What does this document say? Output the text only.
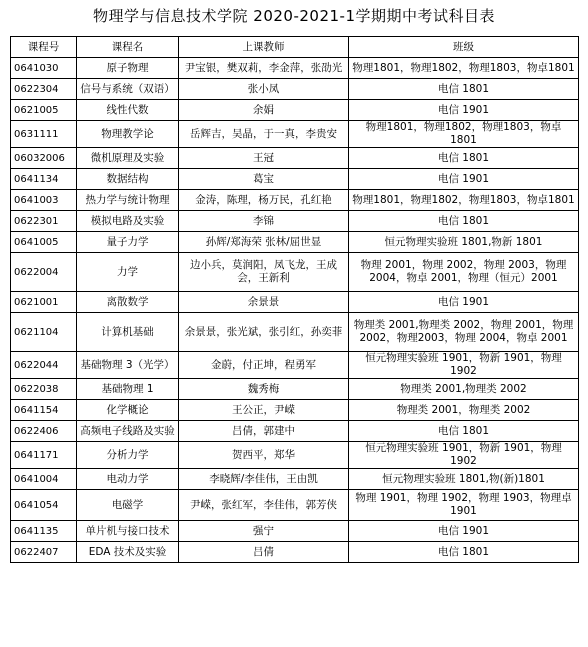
物理学与信息技术学院 2020-2021-1学期期中考试科目表
课程号	课程名	上课教师	班级
0641030	原子物理	尹宝银，樊双莉，李金萍，张劭光	物理1801，物理1802，物理1803，物卓1801
0622304	信号与系统（双语）	张小凤	电信 1801
0621005	线性代数	余娟	电信 1901
0631111	物理教学论	岳辉吉，吴晶，于一真，李贵安	物理1801，物理1802，物理1803，物卓 1801
06032006	微机原理及实验	王冠	电信 1801
0641134	数据结构	葛宝	电信 1901
0641003	热力学与统计物理	金涛，陈理，杨万民，孔红艳	物理1801，物理1802，物理1803，物卓1801
0622301	模拟电路及实验	李锦	电信 1801
0641005	量子力学	孙辉/郑海荣 张林/屈世显	恒元物理实验班 1801,物新 1801
0622004	力学	边小兵，莫润阳，凤飞龙，王成会，王新利	物理 2001，物理 2002，物理 2003，物理 2004，物卓 2001，物理（恒元）2001
0621001	离散数学	余景景	电信 1901
0621104	计算机基础	余景景，张光斌，张引红，孙奕菲	物理类 2001,物理类 2002，物理 2001，物理 2002，物理2003，物理 2004，物卓 2001
0622044	基础物理 3（光学）	金蔚，付正坤，程勇军	恒元物理实验班 1901，物新 1901，物理 1902
0622038	基础物理 1	魏秀梅	物理类 2001,物理类 2002
0641154	化学概论	王公正，尹嵘	物理类 2001，物理类 2002
0622406	高频电子线路及实验	吕倩，郭建中	电信 1801
0641171	分析力学	贺西平，郑华	恒元物理实验班 1901，物新 1901，物理 1902
0641004	电动力学	李晓辉/李佳伟，王由凯	恒元物理实验班 1801,物(新)1801
0641054	电磁学	尹嵘，张红军，李佳伟，郭芳侠	物理 1901，物理 1902，物理 1903，物理卓 1901
0641135	单片机与接口技术	强宁	电信 1901
0622407	EDA 技术及实验	吕倩	电信 1801
